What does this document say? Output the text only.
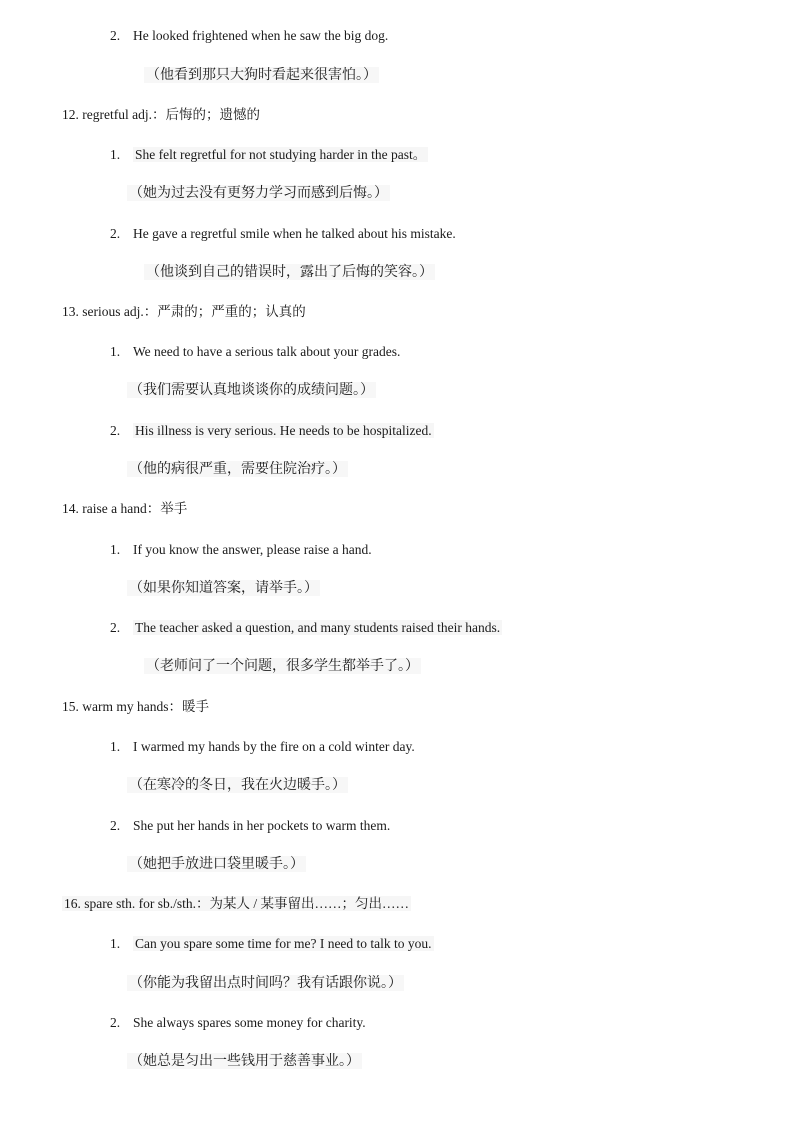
2. He looked frightened when he saw the big dog.
（他看到那只大狗时看起来很害怕。）
12. regretful adj.：后悔的；遗憾的
1. She felt regretful for not studying harder in the past。
（她为过去没有更努力学习而感到后悔。）
2. He gave a regretful smile when he talked about his mistake.
（他谈到自己的错误时，露出了后悔的笑容。）
13. serious adj.：严肃的；严重的；认真的
1. We need to have a serious talk about your grades.
（我们需要认真地谈谈你的成绩问题。）
2. His illness is very serious. He needs to be hospitalized.
（他的病很严重，需要住院治疗。）
14. raise a hand：举手
1. If you know the answer, please raise a hand.
（如果你知道答案，请举手。）
2. The teacher asked a question, and many students raised their hands.
（老师问了一个问题，很多学生都举手了。）
15. warm my hands：暖手
1. I warmed my hands by the fire on a cold winter day.
（在寒冷的冬日，我在火边暖手。）
2. She put her hands in her pockets to warm them.
（她把手放进口袋里暖手。）
16. spare sth. for sb./sth.：为某人 / 某事留出……；匀出……
1. Can you spare some time for me? I need to talk to you.
（你能为我留出点时间吗？我有话跟你说。）
2. She always spares some money for charity.
（她总是匀出一些钱用于慈善事业。）
